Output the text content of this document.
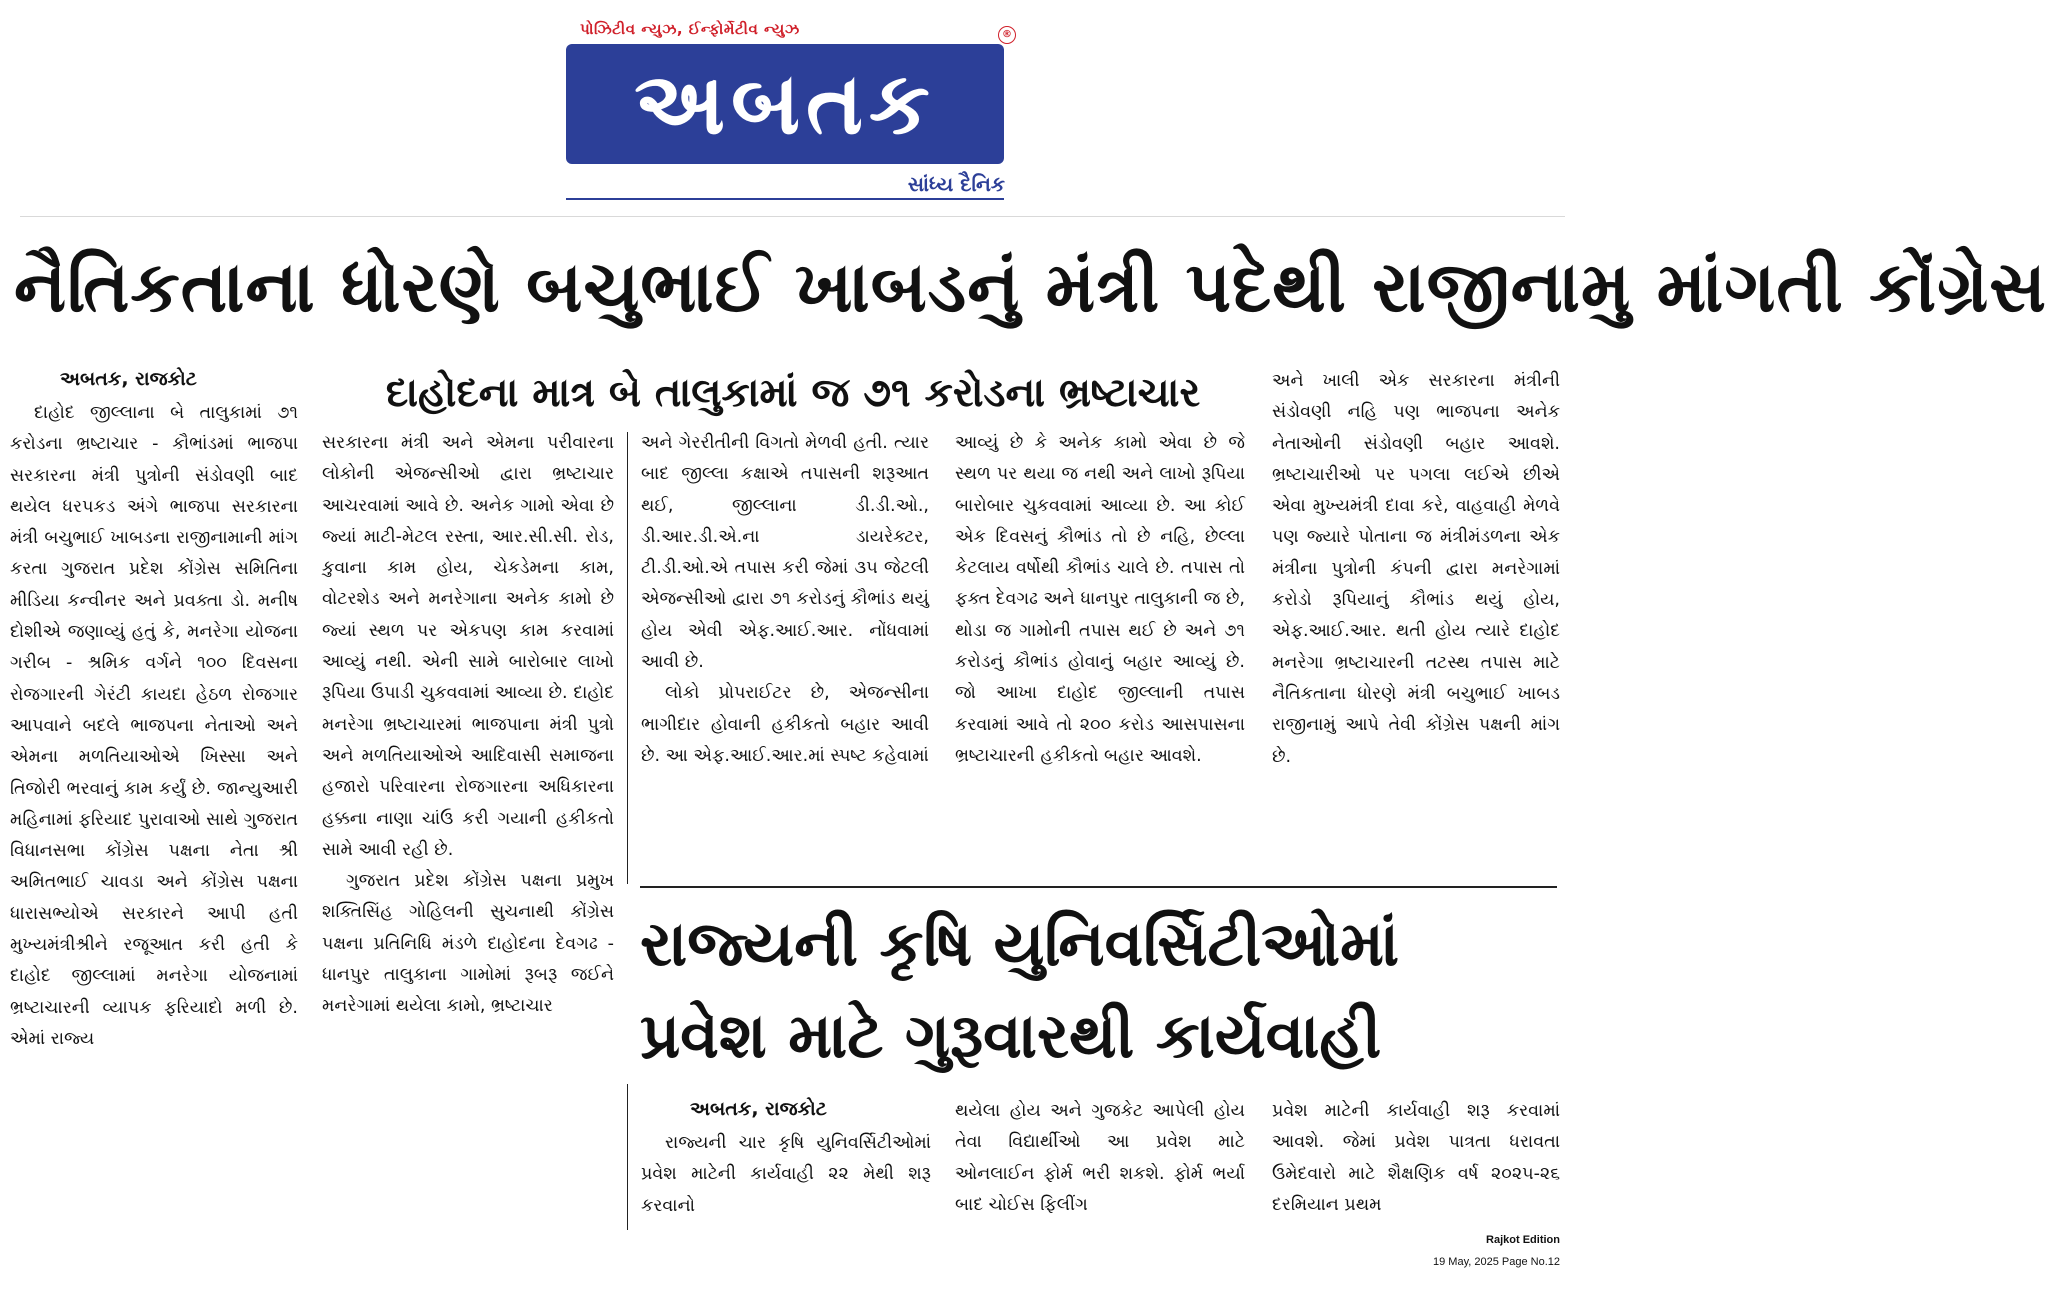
પોઝિટીવ ન્યુઝ, ઈન્ફોર્મેટીવ ન્યુઝ	®
અબતક
સાંધ્ય દૈનિક
નૈતિકતાના ધોરણે બચુભાઈ ખાબડનું મંત્રી પદેથી રાજીનામુ માંગતી કોંગ્રેસ
દાહોદના માત્ર બે તાલુકામાં જ ૭૧ કરોડના ભ્રષ્ટાચાર
અબતક, રાજકોટ

દાહોદ જીલ્લાના બે તાલુકામાં ૭૧ કરોડના ભ્રષ્ટાચાર - કૌભાંડમાં ભાજપા સરકારના મંત્રી પુત્રોની સંડોવણી બાદ થયેલ ધરપકડ અંગે ભાજપા સરકારના મંત્રી બચુભાઈ ખાબડના રાજીનામાની માંગ કરતા ગુજરાત પ્રદેશ કોંગ્રેસ સમિતિના મીડિયા કન્વીનર અને પ્રવક્તા ડો. મનીષ દોશીએ જણાવ્યું હતું કે, મનરેગા યોજના ગરીબ - શ્રમિક વર્ગને ૧૦૦ દિવસના રોજગારની ગેરંટી કાયદા હેઠળ રોજગાર આપવાને બદલે ભાજપના નેતાઓ અને એમના મળતિયાઓએ ખિસ્સા અને તિજોરી ભરવાનું કામ કર્યું છે. જાન્યુઆરી મહિનામાં ફરિયાદ પુરાવાઓ સાથે ગુજરાત વિધાનસભા કોંગ્રેસ પક્ષના નેતા શ્રી અમિતભાઈ ચાવડા અને કોંગ્રેસ પક્ષના ધારાસભ્યોએ સરકારને આપી હતી મુખ્યમંત્રીશ્રીને રજૂઆત કરી હતી કે દાહોદ જીલ્લામાં મનરેગા યોજનામાં ભ્રષ્ટાચારની વ્યાપક ફરિયાદો મળી છે. એમાં રાજ્ય

સરકારના મંત્રી અને એમના પરીવારના લોકોની એજન્સીઓ દ્વારા ભ્રષ્ટાચાર આચરવામાં આવે છે. અનેક ગામો એવા છે જ્યાં માટી-મેટલ રસ્તા, આર.સી.સી. રોડ, કુવાના કામ હોય, ચેકડેમના કામ, વોટરશેડ અને મનરેગાના અનેક કામો છે જ્યાં સ્થળ પર એકપણ કામ કરવામાં આવ્યું નથી. એની સામે બારોબાર લાખો રૂપિયા ઉપાડી ચુકવવામાં આવ્યા છે. દાહોદ મનરેગા ભ્રષ્ટાચારમાં ભાજપાના મંત્રી પુત્રો અને મળતિયાઓએ આદિવાસી સમાજના હજારો પરિવારના રોજગારના અધિકારના હક્કના નાણા ચાંઉ કરી ગયાની હકીકતો સામે આવી રહી છે.

ગુજરાત પ્રદેશ કોંગ્રેસ પક્ષના પ્રમુખ શક્તિસિંહ ગોહિલની સુચનાથી કોંગ્રેસ પક્ષના પ્રતિનિધિ મંડળે દાહોદના દેવગઢ - ધાનપુર તાલુકાના ગામોમાં રૂબરૂ જઈને મનરેગામાં થયેલા કામો, ભ્રષ્ટાચાર

અને ગેરરીતીની વિગતો મેળવી હતી. ત્યાર બાદ જીલ્લા કક્ષાએ તપાસની શરૂઆત થઈ, જીલ્લાના ડી.ડી.ઓ., ડી.આર.ડી.એ.ના ડાયરેક્ટર, ટી.ડી.ઓ.એ તપાસ કરી જેમાં ૩૫ જેટલી એજન્સીઓ દ્વારા ૭૧ કરોડનું કૌભાંડ થયું હોય એવી એફ.આઈ.આર. નોંધવામાં આવી છે.

લોકો પ્રોપરાઈટર છે, એજન્સીના ભાગીદાર હોવાની હકીકતો બહાર આવી છે. આ એફ.આઈ.આર.માં સ્પષ્ટ કહેવામાં

આવ્યું છે કે અનેક કામો એવા છે જે સ્થળ પર થયા જ નથી અને લાખો રૂપિયા બારોબાર ચુકવવામાં આવ્યા છે. આ કોઈ એક દિવસનું કૌભાંડ તો છે નહિ, છેલ્લા કેટલાય વર્ષોથી કૌભાંડ ચાલે છે. તપાસ તો ફક્ત દેવગઢ અને ધાનપુર તાલુકાની જ છે, થોડા જ ગામોની તપાસ થઈ છે અને ૭૧ કરોડનું કૌભાંડ હોવાનું બહાર આવ્યું છે. જો આખા દાહોદ જીલ્લાની તપાસ કરવામાં આવે તો ૨૦૦ કરોડ આસપાસના ભ્રષ્ટાચારની હકીકતો બહાર આવશે.

અને ખાલી એક સરકારના મંત્રીની સંડોવણી નહિ પણ ભાજપના અનેક નેતાઓની સંડોવણી બહાર આવશે. ભ્રષ્ટાચારીઓ પર પગલા લઈએ છીએ એવા મુખ્યમંત્રી દાવા કરે, વાહવાહી મેળવે પણ જ્યારે પોતાના જ મંત્રીમંડળના એક મંત્રીના પુત્રોની કંપની દ્વારા મનરેગામાં કરોડો રૂપિયાનું કૌભાંડ થયું હોય, એફ.આઈ.આર. થતી હોય ત્યારે દાહોદ મનરેગા ભ્રષ્ટાચારની તટસ્થ તપાસ માટે નૈતિકતાના ધોરણે મંત્રી બચુભાઈ ખાબડ રાજીનામું આપે તેવી કોંગ્રેસ પક્ષની માંગ છે.

રાજ્યની કૃષિ યુનિવર્સિટીઓમાં
પ્રવેશ માટે ગુરૂવારથી કાર્યવાહી
અબતક, રાજકોટ

રાજ્યની ચાર કૃષિ યુનિવર્સિટીઓમાં પ્રવેશ માટેની કાર્યવાહી ૨૨ મેથી શરૂ કરવાનો

થયેલા હોય અને ગુજકેટ આપેલી હોય તેવા વિદ્યાર્થીઓ આ પ્રવેશ માટે ઓનલાઈન ફોર્મ ભરી શકશે. ફોર્મ ભર્યા બાદ ચોઈસ ફિલીંગ

પ્રવેશ માટેની કાર્યવાહી શરૂ કરવામાં આવશે. જેમાં પ્રવેશ પાત્રતા ધરાવતા ઉમેદવારો માટે શૈક્ષણિક વર્ષ ૨૦૨૫-૨૬ દરમિયાન પ્રથમ

Rajkot Edition
19 May, 2025 Page No.12
